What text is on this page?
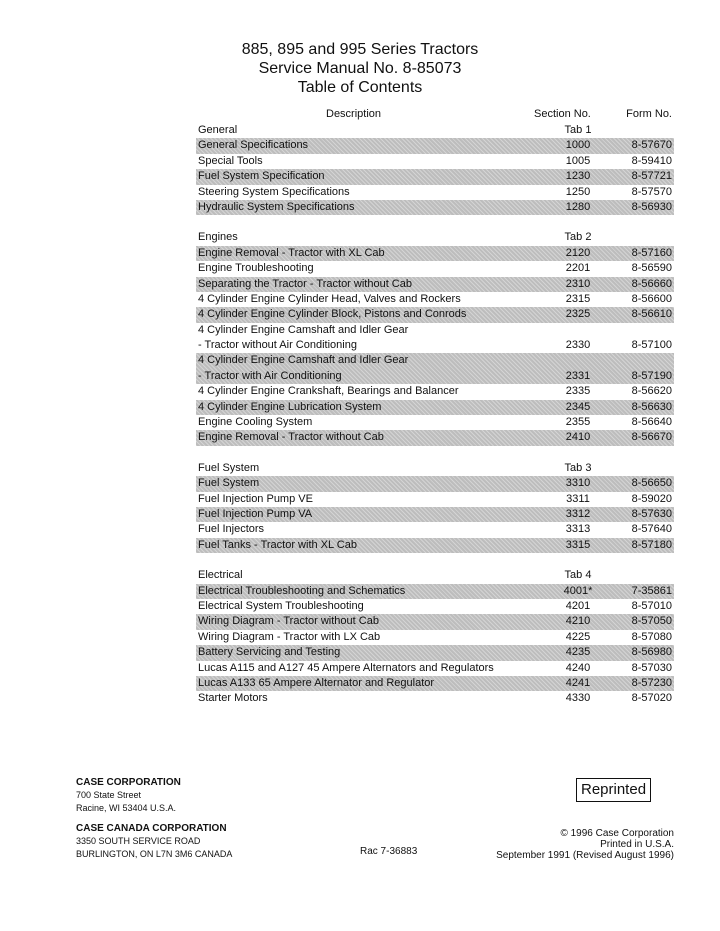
885, 895 and 995 Series Tractors
Service Manual No. 8-85073
Table of Contents
Description	Section No.	Form No.
General	Tab 1
General Specifications	1000	8-57670
Special Tools	1005	8-59410
Fuel System Specification	1230	8-57721
Steering System Specifications	1250	8-57570
Hydraulic System Specifications	1280	8-56930
Engines	Tab 2
Engine Removal - Tractor with XL Cab	2120	8-57160
Engine Troubleshooting	2201	8-56590
Separating the Tractor - Tractor without Cab	2310	8-56660
4 Cylinder Engine Cylinder Head, Valves and Rockers	2315	8-56600
4 Cylinder Engine Cylinder Block, Pistons and Conrods	2325	8-56610
4 Cylinder Engine Camshaft and Idler Gear
- Tractor without Air Conditioning	2330	8-57100
4 Cylinder Engine Camshaft and Idler Gear
- Tractor with Air Conditioning	2331	8-57190
4 Cylinder Engine Crankshaft, Bearings and Balancer	2335	8-56620
4 Cylinder Engine Lubrication System	2345	8-56630
Engine Cooling System	2355	8-56640
Engine Removal - Tractor without Cab	2410	8-56670
Fuel System	Tab 3
Fuel System	3310	8-56650
Fuel Injection Pump VE	3311	8-59020
Fuel Injection Pump VA	3312	8-57630
Fuel Injectors	3313	8-57640
Fuel Tanks - Tractor with XL Cab	3315	8-57180
Electrical	Tab 4
Electrical Troubleshooting and Schematics	4001*	7-35861
Electrical System Troubleshooting	4201	8-57010
Wiring Diagram - Tractor without Cab	4210	8-57050
Wiring Diagram - Tractor with LX Cab	4225	8-57080
Battery Servicing and Testing	4235	8-56980
Lucas A115 and A127 45 Ampere Alternators and Regulators	4240	8-57030
Lucas A133 65 Ampere Alternator and Regulator	4241	8-57230
Starter Motors	4330	8-57020
CASE CORPORATION
700 State Street
Racine, WI 53404 U.S.A.
CASE CANADA CORPORATION
3350 SOUTH SERVICE ROAD
BURLINGTON, ON L7N 3M6 CANADA	Rac 7-36883
Reprinted
© 1996 Case Corporation
Printed in U.S.A.
September 1991 (Revised August 1996)
